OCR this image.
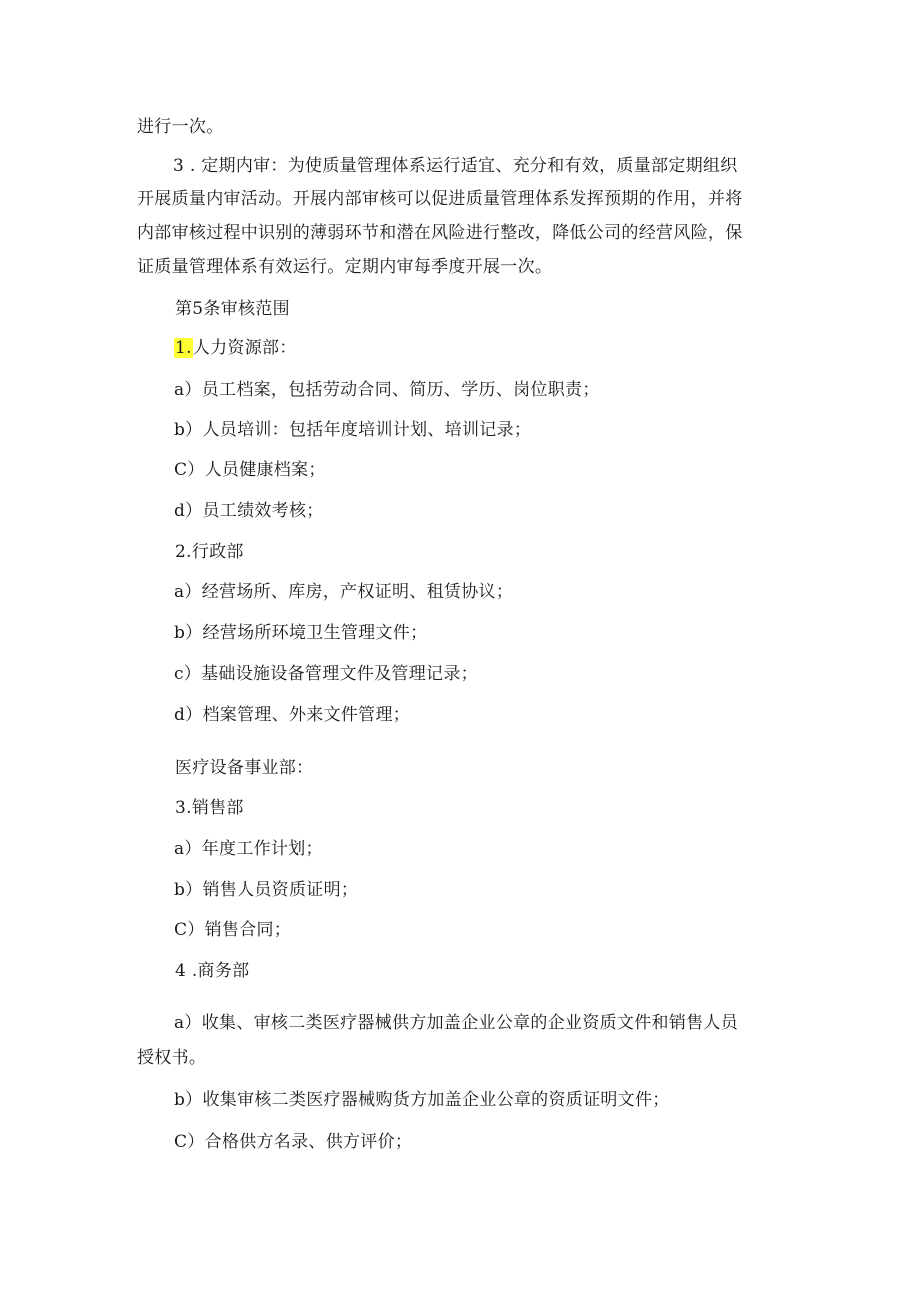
进行一次。
3 . 定期内审：为使质量管理体系运行适宜、充分和有效，质量部定期组织
开展质量内审活动。开展内部审核可以促进质量管理体系发挥预期的作用，并将
内部审核过程中识别的薄弱环节和潜在风险进行整改，降低公司的经营风险，保
证质量管理体系有效运行。定期内审每季度开展一次。
第5条审核范围
1.人力资源部：
a）员工档案，包括劳动合同、简历、学历、岗位职责；
b）人员培训：包括年度培训计划、培训记录；
C）人员健康档案；
d）员工绩效考核；
2.行政部
a）经营场所、库房，产权证明、租赁协议；
b）经营场所环境卫生管理文件；
c）基础设施设备管理文件及管理记录；
d）档案管理、外来文件管理；
医疗设备事业部：
3.销售部
a）年度工作计划；
b）销售人员资质证明；
C）销售合同；
4 .商务部
a）收集、审核二类医疗器械供方加盖企业公章的企业资质文件和销售人员
授权书。
b）收集审核二类医疗器械购货方加盖企业公章的资质证明文件；
C）合格供方名录、供方评价；
